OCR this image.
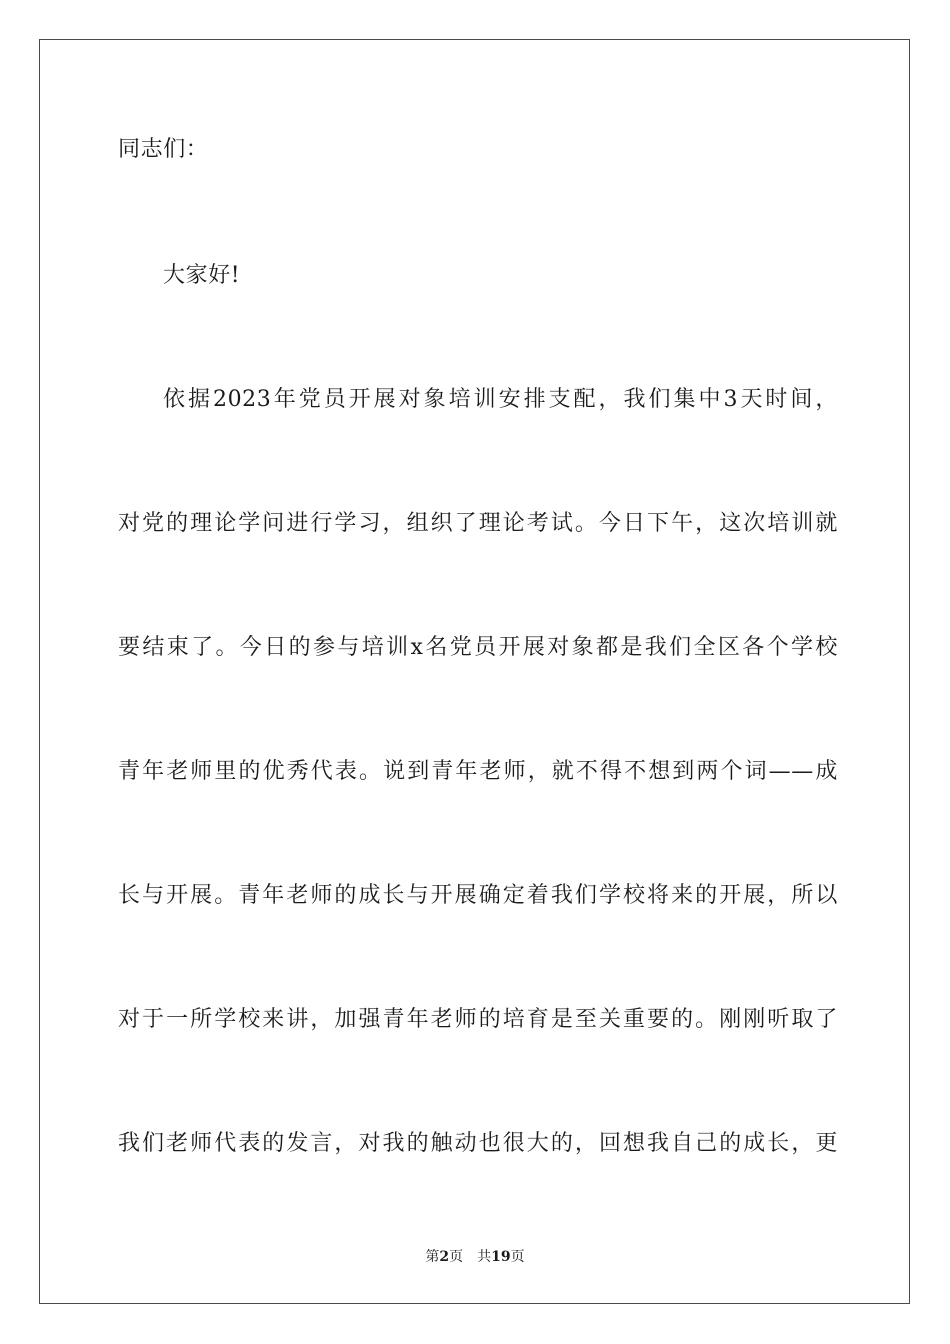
同志们：
大家好!
依据2023年党员开展对象培训安排支配，我们集中3天时间，
对党的理论学问进行学习，组织了理论考试。今日下午，这次培训就
要结束了。今日的参与培训x名党员开展对象都是我们全区各个学校
青年老师里的优秀代表。说到青年老师，就不得不想到两个词——成
长与开展。青年老师的成长与开展确定着我们学校将来的开展，所以
对于一所学校来讲，加强青年老师的培育是至关重要的。刚刚听取了
我们老师代表的发言，对我的触动也很大的，回想我自己的成长，更
第2页 共19页
